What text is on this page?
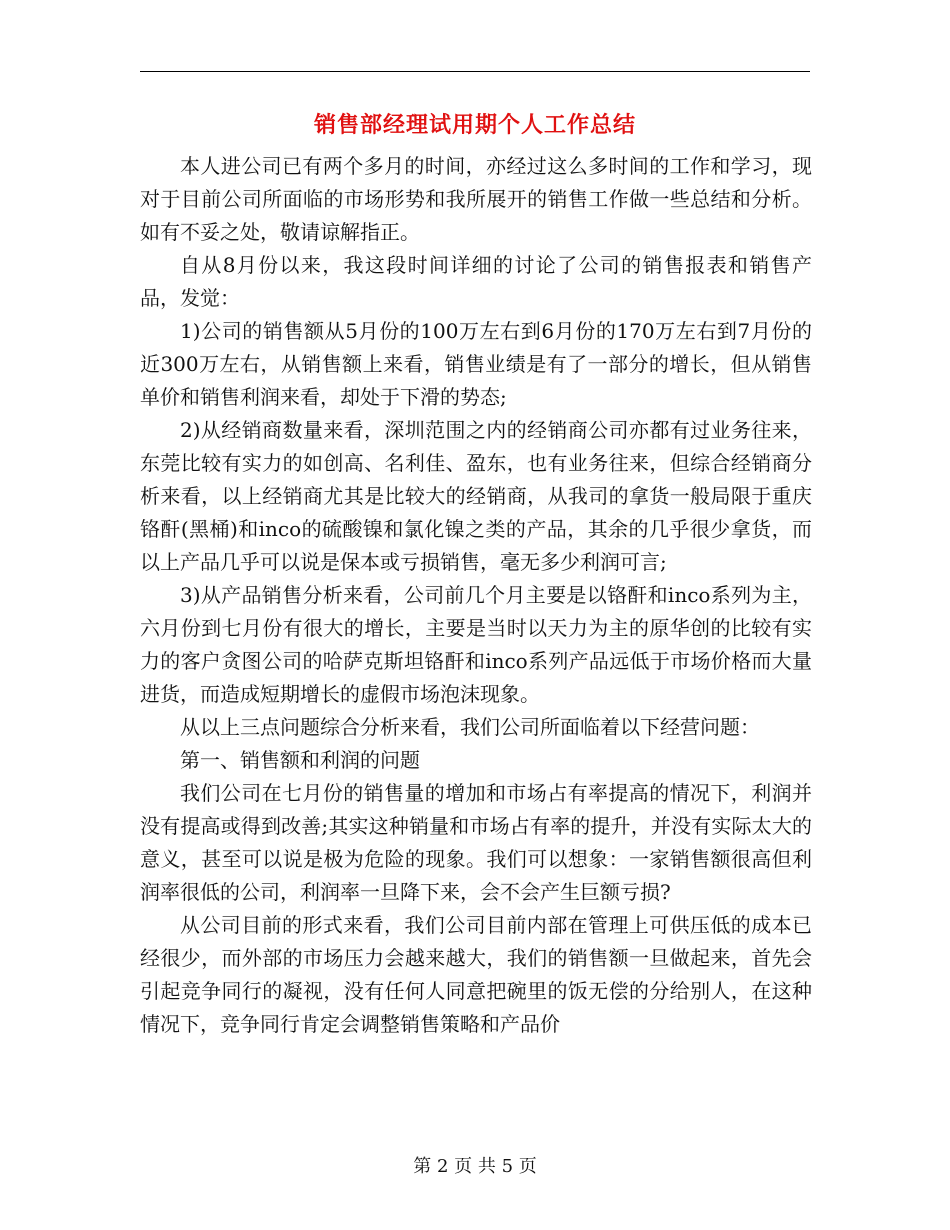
销售部经理试用期个人工作总结

本人进公司已有两个多月的时间，亦经过这么多时间的工作和学习，现对于目前公司所面临的市场形势和我所展开的销售工作做一些总结和分析。如有不妥之处，敬请谅解指正。

自从8月份以来，我这段时间详细的讨论了公司的销售报表和销售产品，发觉：

1)公司的销售额从5月份的100万左右到6月份的170万左右到7月份的近300万左右，从销售额上来看，销售业绩是有了一部分的增长，但从销售单价和销售利润来看，却处于下滑的势态;

2)从经销商数量来看，深圳范围之内的经销商公司亦都有过业务往来，东莞比较有实力的如创高、名利佳、盈东，也有业务往来，但综合经销商分析来看，以上经销商尤其是比较大的经销商，从我司的拿货一般局限于重庆铬酐(黑桶)和inco的硫酸镍和氯化镍之类的产品，其余的几乎很少拿货，而以上产品几乎可以说是保本或亏损销售，毫无多少利润可言;

3)从产品销售分析来看，公司前几个月主要是以铬酐和inco系列为主，六月份到七月份有很大的增长，主要是当时以天力为主的原华创的比较有实力的客户贪图公司的哈萨克斯坦铬酐和inco系列产品远低于市场价格而大量进货，而造成短期增长的虚假市场泡沫现象。

从以上三点问题综合分析来看，我们公司所面临着以下经营问题：

第一、销售额和利润的问题

我们公司在七月份的销售量的增加和市场占有率提高的情况下，利润并没有提高或得到改善;其实这种销量和市场占有率的提升，并没有实际太大的意义，甚至可以说是极为危险的现象。我们可以想象：一家销售额很高但利润率很低的公司，利润率一旦降下来，会不会产生巨额亏损?

从公司目前的形式来看，我们公司目前内部在管理上可供压低的成本已经很少，而外部的市场压力会越来越大，我们的销售额一旦做起来，首先会引起竞争同行的凝视，没有任何人同意把碗里的饭无偿的分给别人，在这种情况下，竞争同行肯定会调整销售策略和产品价

第 2 页 共 5 页
